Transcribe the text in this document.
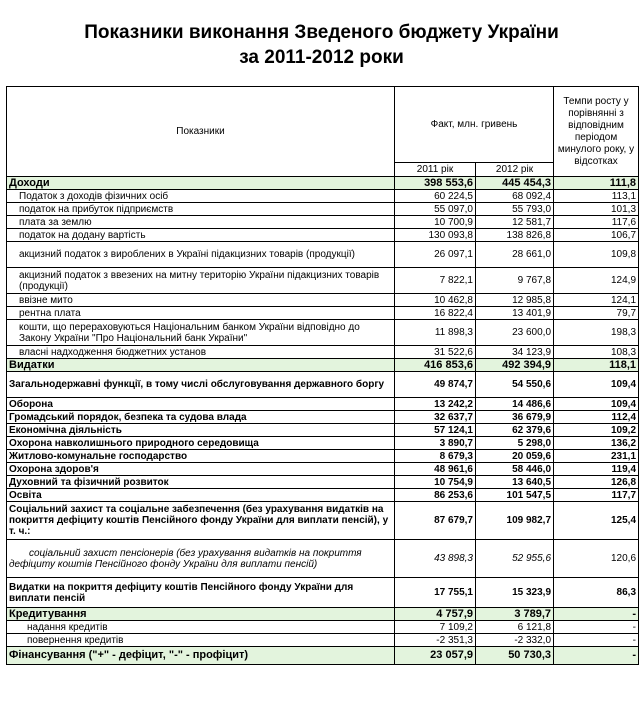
Показники виконання Зведеного бюджету України
за 2011-2012 роки
Показники	Факт, млн. гривень		Темпи росту у порівнянні з відповідним періодом минулого року, у відсотках
	2011 рік	2012 рік	
Доходи	398 553,6	445 454,3	111,8
Податок з доходів фізичних осіб	60 224,5	68 092,4	113,1
податок на прибуток підприємств	55 097,0	55 793,0	101,3
плата за землю	10 700,9	12 581,7	117,6
податок на додану вартість	130 093,8	138 826,8	106,7
акцизний податок з вироблених в Україні підакцизних товарів (продукції)	26 097,1	28 661,0	109,8
акцизний податок з ввезених на митну територію України підакцизних товарів (продукції)	7 822,1	9 767,8	124,9
ввізне мито	10 462,8	12 985,8	124,1
рентна плата	16 822,4	13 401,9	79,7
кошти, що перераховуються Національним банком України відповідно до Закону України "Про Національний банк України"	11 898,3	23 600,0	198,3
власні надходження бюджетних установ	31 522,6	34 123,9	108,3
Видатки	416 853,6	492 394,9	118,1
Загальнодержавні функції, в тому числі обслуговування державного боргу	49 874,7	54 550,6	109,4
Оборона	13 242,2	14 486,6	109,4
Громадський порядок, безпека та судова влада	32 637,7	36 679,9	112,4
Економічна діяльність	57 124,1	62 379,6	109,2
Охорона навколишнього природного середовища	3 890,7	5 298,0	136,2
Житлово-комунальне господарство	8 679,3	20 059,6	231,1
Охорона здоров'я	48 961,6	58 446,0	119,4
Духовний та фізичний розвиток	10 754,9	13 640,5	126,8
Освіта	86 253,6	101 547,5	117,7
Соціальний захист та соціальне забезпечення (без урахування видатків на покриття дефіциту коштів Пенсійного фонду України для виплати пенсій), у т. ч.:	87 679,7	109 982,7	125,4
соціальний захист пенсіонерів (без урахування видатків на покриття дефіциту коштів Пенсійного фонду України для виплати пенсій)	43 898,3	52 955,6	120,6
Видатки на покриття дефіциту коштів Пенсійного фонду України для виплати пенсій	17 755,1	15 323,9	86,3
Кредитування	4 757,9	3 789,7	-
надання кредитів	7 109,2	6 121,8	-
повернення кредитів	-2 351,3	-2 332,0	-
Фінансування ("+" - дефіцит, "-" - профіцит)	23 057,9	50 730,3	-
